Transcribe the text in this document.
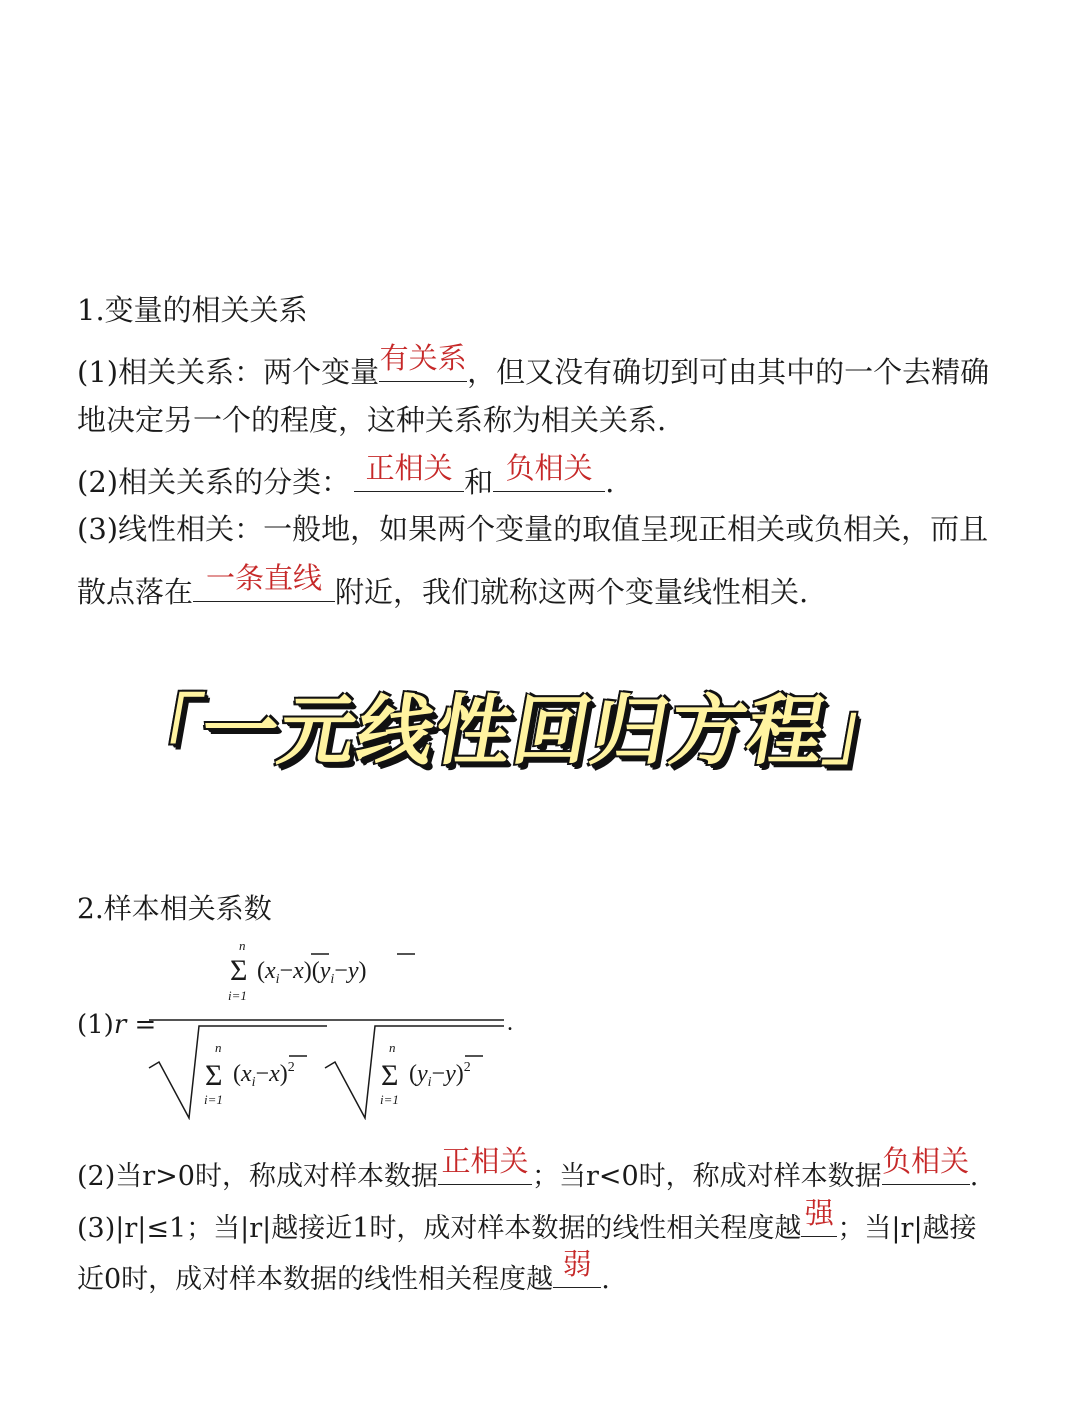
1.变量的相关关系
(1)相关关系：两个变量 有关系 ，但又没有确切到可由其中的一个去精确
地决定另一个的程度，这种关系称为相关关系.
(2)相关关系的分类： 正相关 和 负相关 .
(3)线性相关：一般地，如果两个变量的取值呈现正相关或负相关，而且
散点落在 一条直线 附近，我们就称这两个变量线性相关.
「一元线性回归方程」
2.样本相关系数
(1)r =
n
Σ
i=1
$(x_i-x)(y_i-y)$
.
n
Σ
i=1
$(x_i-x)^2$
n
Σ
i=1
$(y_i-y)^2$
(2)当r>0时，称成对样本数据 正相关 ；当r<0时，称成对样本数据 负相关 .
(3)|r|≤1；当|r|越接近1时，成对样本数据的线性相关程度越 强 ；当|r|越接
近0时，成对样本数据的线性相关程度越 弱 .
